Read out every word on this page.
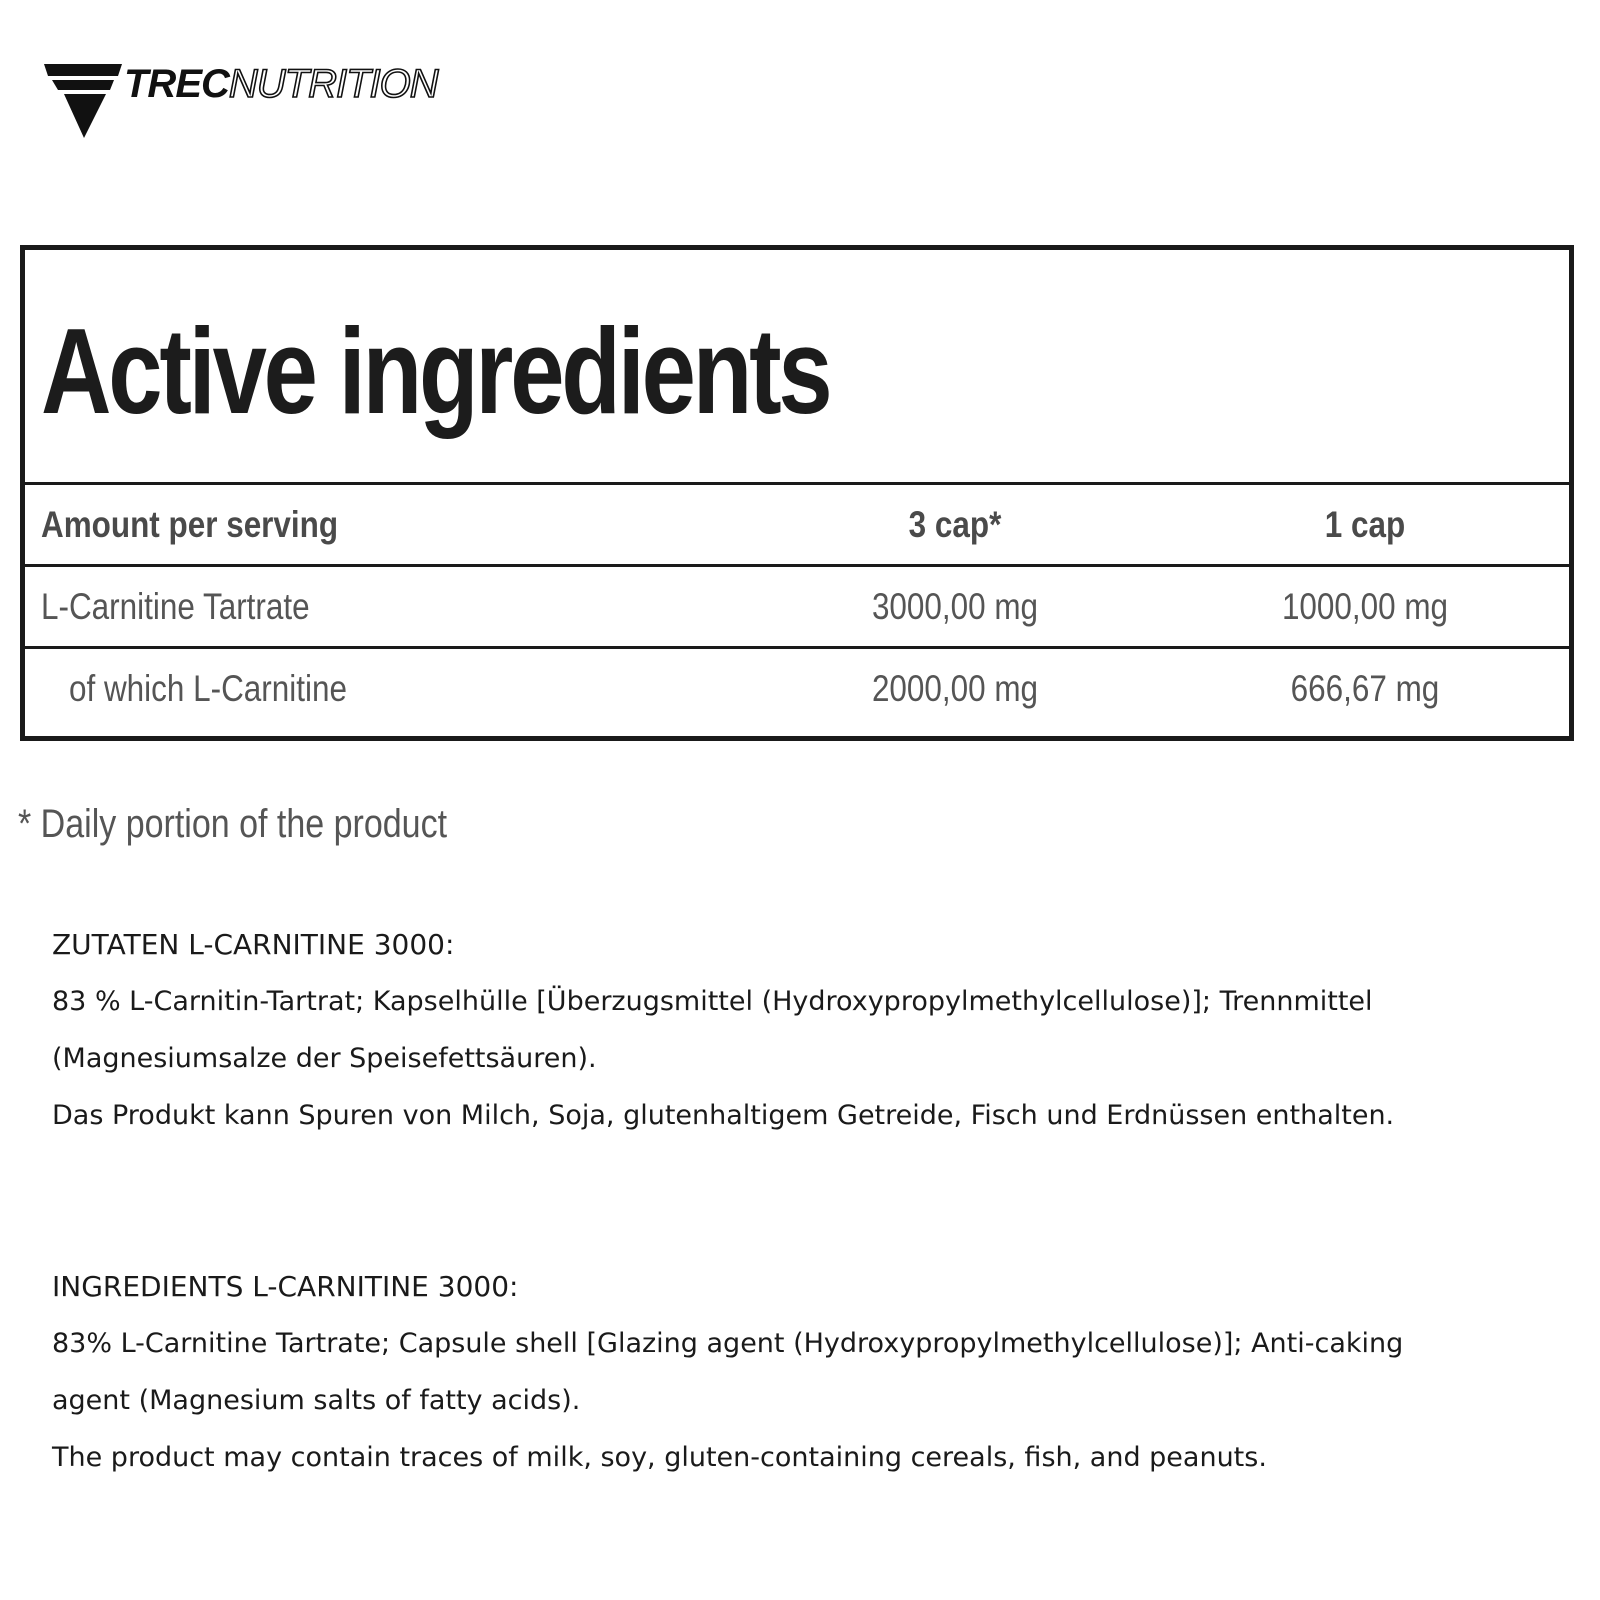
TRECNUTRITION
Active ingredients
Amount per serving	3 cap*	1 cap
L-Carnitine Tartrate	3000,00 mg	1000,00 mg
of which L-Carnitine	2000,00 mg	666,67 mg
* Daily portion of the product
ZUTATEN L-CARNITINE 3000:
83 % L-Carnitin-Tartrat; Kapselhülle [Überzugsmittel (Hydroxypropylmethylcellulose)]; Trennmittel
(Magnesiumsalze der Speisefettsäuren).
Das Produkt kann Spuren von Milch, Soja, glutenhaltigem Getreide, Fisch und Erdnüssen enthalten.
INGREDIENTS L-CARNITINE 3000:
83% L-Carnitine Tartrate; Capsule shell [Glazing agent (Hydroxypropylmethylcellulose)]; Anti-caking
agent (Magnesium salts of fatty acids).
The product may contain traces of milk, soy, gluten-containing cereals, fish, and peanuts.
